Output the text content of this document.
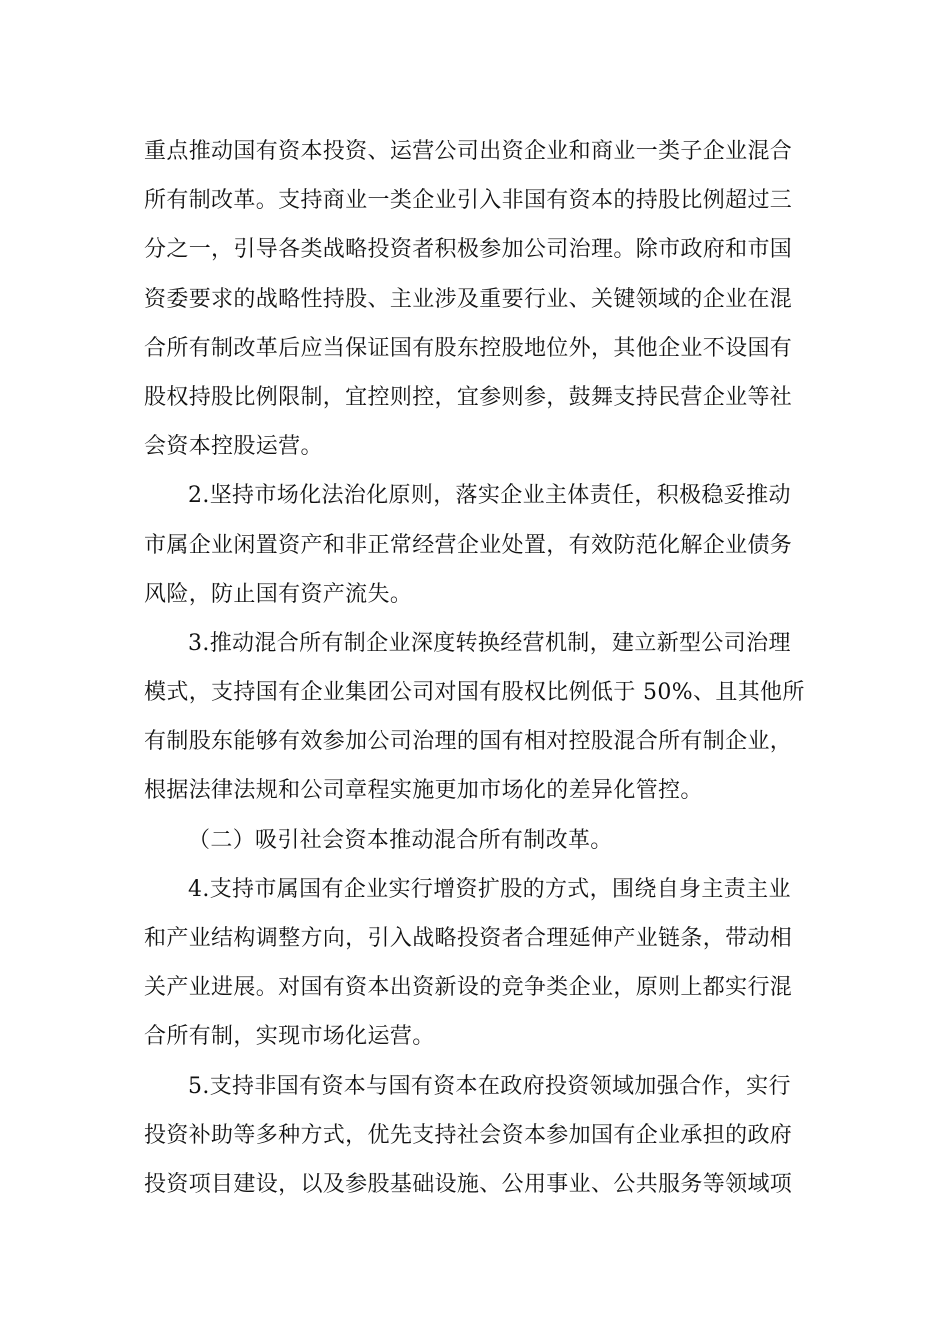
重点推动国有资本投资、运营公司出资企业和商业一类子企业混合
所有制改革。支持商业一类企业引入非国有资本的持股比例超过三
分之一，引导各类战略投资者积极参加公司治理。除市政府和市国
资委要求的战略性持股、主业涉及重要行业、关键领域的企业在混
合所有制改革后应当保证国有股东控股地位外，其他企业不设国有
股权持股比例限制，宜控则控，宜参则参，鼓舞支持民营企业等社
会资本控股运营。
2.坚持市场化法治化原则，落实企业主体责任，积极稳妥推动
市属企业闲置资产和非正常经营企业处置，有效防范化解企业债务
风险，防止国有资产流失。
3.推动混合所有制企业深度转换经营机制，建立新型公司治理
模式，支持国有企业集团公司对国有股权比例低于 50%、且其他所
有制股东能够有效参加公司治理的国有相对控股混合所有制企业，
根据法律法规和公司章程实施更加市场化的差异化管控。
（二）吸引社会资本推动混合所有制改革。
4.支持市属国有企业实行增资扩股的方式，围绕自身主责主业
和产业结构调整方向，引入战略投资者合理延伸产业链条，带动相
关产业进展。对国有资本出资新设的竞争类企业，原则上都实行混
合所有制，实现市场化运营。
5.支持非国有资本与国有资本在政府投资领域加强合作，实行
投资补助等多种方式，优先支持社会资本参加国有企业承担的政府
投资项目建设，以及参股基础设施、公用事业、公共服务等领域项
